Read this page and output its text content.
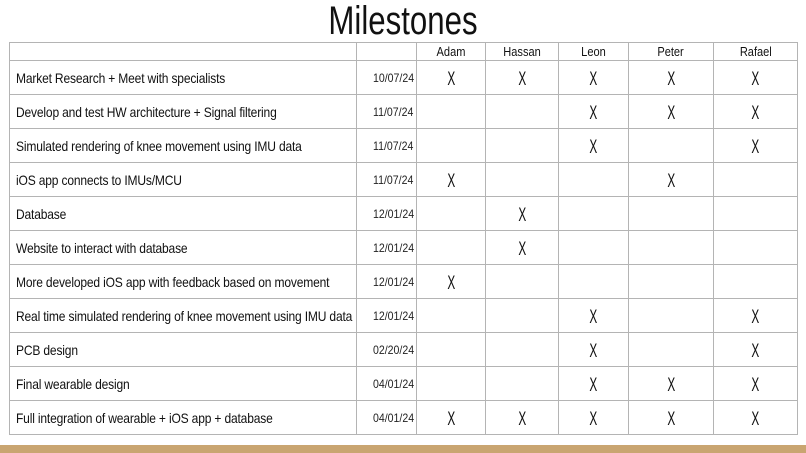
Milestones
		Adam	Hassan	Leon	Peter	Rafael
Market Research + Meet with specialists	10/07/24	X	X	X	X	X
Develop and test HW architecture + Signal filtering	11/07/24			X	X	X
Simulated rendering of knee movement using IMU data	11/07/24			X		X
iOS app connects to IMUs/MCU	11/07/24	X			X	
Database	12/01/24		X			
Website to interact with database	12/01/24		X			
More developed iOS app with feedback based on movement	12/01/24	X				
Real time simulated rendering of knee movement using IMU data	12/01/24			X		X
PCB design	02/20/24			X		X
Final wearable design	04/01/24			X	X	X
Full integration of wearable + iOS app + database	04/01/24	X	X	X	X	X
